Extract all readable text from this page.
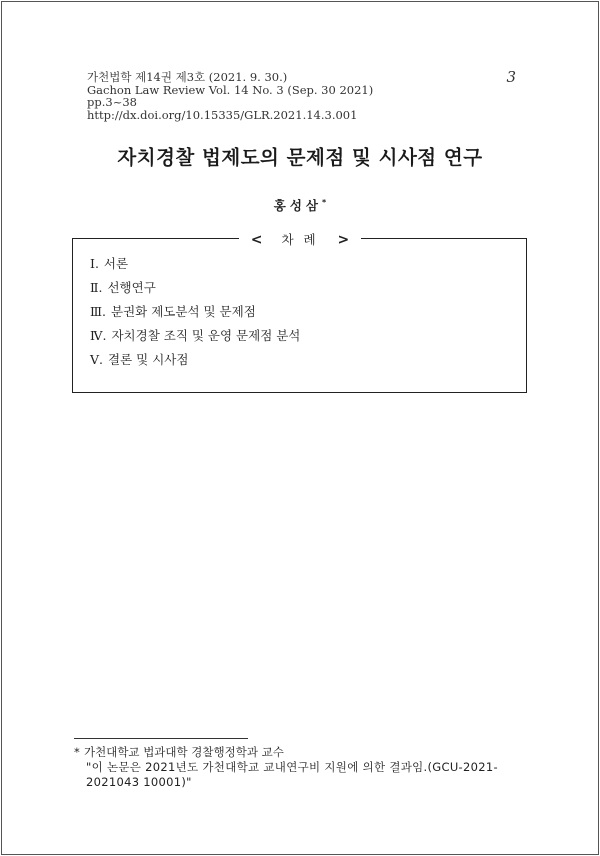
가천법학 제14권 제3호 (2021. 9. 30.)
Gachon Law Review Vol. 14 No. 3 (Sep. 30 2021)
pp.3~38
http://dx.doi.org/10.15335/GLR.2021.14.3.001
3
자치경찰 법제도의 문제점 및 시사점 연구
홍성삼*
< 차 례 >
Ⅰ. 서론
Ⅱ. 선행연구
Ⅲ. 분권화 제도분석 및 문제점
Ⅳ. 자치경찰 조직 및 운영 문제점 분석
Ⅴ. 결론 및 시사점
* 가천대학교 법과대학 경찰행정학과 교수
"이 논문은 2021년도 가천대학교 교내연구비 지원에 의한 결과임.(GCU-2021-2021043 10001)"
